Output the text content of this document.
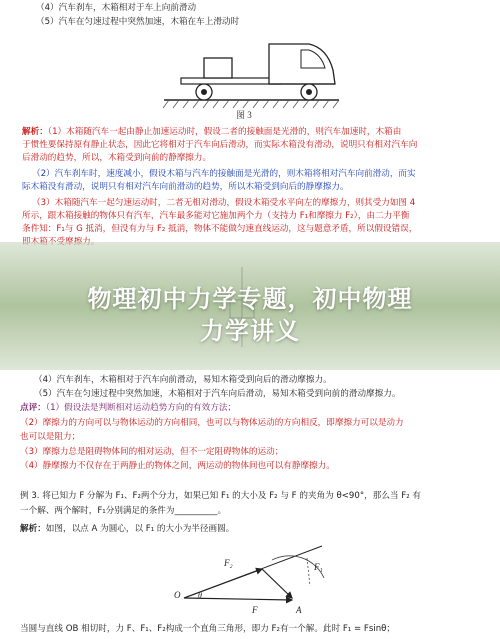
（4）汽车刹车，木箱相对于车上向前滑动
（5）汽车在匀速过程中突然加速，木箱在车上滑动时
图 3
解析：（1）木箱随汽车一起由静止加速运动时，假设二者的接触面是光滑的，则汽车加速时，木箱由
于惯性要保持原有静止状态，因此它将相对于汽车向后滑动，而实际木箱没有滑动，说明只有相对汽车向
后滑动的趋势，所以，木箱受到向前的静摩擦力。
（2）汽车刹车时，速度减小，假设木箱与汽车的接触面是光滑的，则木箱将相对汽车向前滑动，而实
际木箱没有滑动，说明只有相对汽车向前滑动的趋势，所以木箱受到向后的静摩擦力。
（3）木箱随汽车一起匀速运动时，二者无相对滑动，假设木箱受水平向左的摩擦力，则其受力如图 4
所示，跟木箱接触的物体只有汽车，汽车最多能对它施加两个力（支持力 F₁和摩擦力 F₂），由二力平衡
条件知：F₁与 G 抵消，但没有力与 F₂ 抵消，物体不能做匀速直线运动，这与题意矛盾，所以假设错误，
物理初中力学专题，初中物理
力学讲义
（4）汽车刹车，木箱相对于汽车向前滑动，易知木箱受到向后的滑动摩擦力。
（5）汽车在匀速过程中突然加速，木箱相对于汽车向后滑动，易知木箱受到向前的滑动摩擦力。
点评：（1）假设法是判断相对运动趋势方向的有效方法；
（2）摩擦力的方向可以与物体运动的方向相同，也可以与物体运动的方向相反，即摩擦力可以是动力
也可以是阻力；
（3）摩擦力总是阻碍物体间的相对运动，但不一定阻碍物体的运动；
（4）静摩擦力不仅存在于两静止的物体之间，两运动的物体间也可以有静摩擦力。
例 3. 将已知力 F 分解为 F₁、F₂两个分力，如果已知 F₁ 的大小及 F₂ 与 F 的夹角为 θ<90°，那么当 F₂ 有
一个解、两个解时，F₁分别满足的条件为__________。
解析：如图，以点 A 为圆心，以 F₁ 的大小为半径画圆。
O
F₂	F₁
F	A
θ
当圆与直线 OB 相切时，力 F、F₁、F₂构成一个直角三角形，即力 F₂有一个解。此时 F₁ = Fsinθ；
